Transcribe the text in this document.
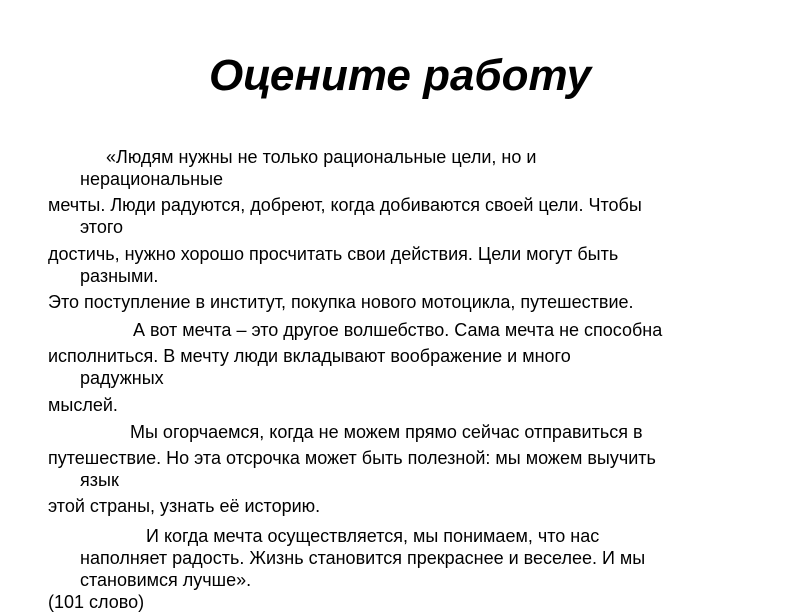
Оцените работу
«Людям нужны не только рациональные цели, но и
нерациональные
мечты. Люди радуются, добреют, когда добиваются своей цели. Чтобы
этого
достичь, нужно хорошо просчитать свои действия. Цели могут быть
разными.
Это поступление в институт, покупка нового мотоцикла, путешествие.
А вот мечта – это другое волшебство. Сама мечта не способна
исполниться. В мечту люди вкладывают воображение и много
радужных
мыслей.
Мы огорчаемся, когда не можем прямо сейчас отправиться в
путешествие. Но эта отсрочка может быть полезной: мы можем выучить
язык
этой страны, узнать её историю.
И когда мечта осуществляется, мы понимаем, что нас
наполняет радость. Жизнь становится прекраснее и веселее. И мы
становимся лучше».
(101 слово)
